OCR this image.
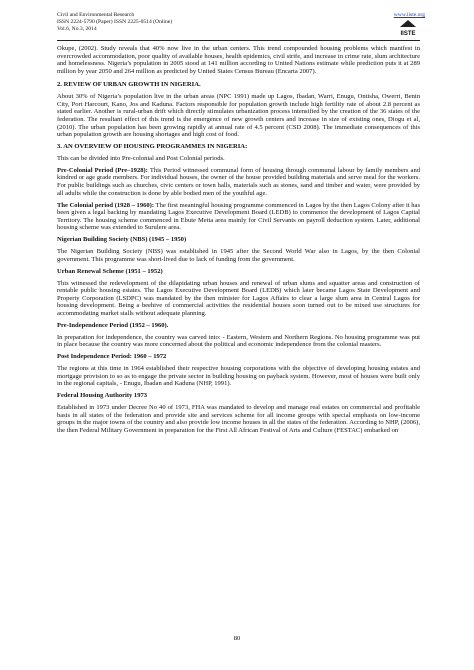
Civil and Environmental Research
ISSN 2224-5790 (Paper) ISSN 2225-0514 (Online)
Vol.6, No.3, 2014
www.iiste.org
IISTE

Okupe, (2002). Study reveals that 40% now live in the urban centers. This trend compounded housing problems which manifest in overcrowded accommodation, poor quality of available houses, health epidemics, civil strife, and increase in crime rate, slum architecture and homelessness. Nigeria’s population in 2005 stood at 141 million according to United Nations estimate while prediction puts it at 289 million by year 2050 and 264 million as predicted by United States Census Bureau (Encarta 2007).

2. REVIEW OF URBAN GROWTH IN NIGERIA.

About 30% of Nigeria’s population live in the urban areas (NPC 1991) made up Lagos, Ibadan, Warri, Enugu, Ontisha, Owerri, Benin City, Port Harcourt, Kano, Jos and Kaduna. Factors responsible for population growth include high fertility rate of about 2.8 percent as stated earlier. Another is rural-urban drift which directly stimulates urbanization process intensified by the creation of the 36 states of the federation. The resultant effect of this trend is the emergence of new growth centers and increase in size of existing ones, Diogu et al, (2010). The urban population has been growing rapidly at annual rate of 4.5 percent (CSD 2008). The immediate consequences of this urban population growth are housing shortages and high cost of food.

3. AN OVERVIEW OF HOUSING PROGRAMMES IN NIGERIA:

This can be divided into Pre-colonial and Post Colonial periods.

Pre-Colonial Period (Pre–1928): This Period witnessed communal form of housing through communal labour by family members and kindred or age grade members. For individual houses, the owner of the house provided building materials and serve meal for the workers. For public buildings such as churches, civic centers or town halls, materials such as stones, sand and timber and water, were provided by all adults while the construction is done by able bodied men of the youthful age.

The Colonial period (1928 – 1960): The first meaningful housing programme commenced in Lagos by the then Lagos Colony after it has been given a legal backing by mandating Lagos Executive Development Board (LEDB) to commence the development of Lagos Capital Territory. The housing scheme commenced in Ebute Metta area mainly for Civil Servants on payroll deduction system. Later, additional housing scheme was extended to Surulere area.

Nigerian Building Society (NBS) (1945 – 1950)

The Nigerian Building Society (NBS) was established in 1945 after the Second World War also in Lagos, by the then Colonial government. This programme was short-lived due to lack of funding from the government.

Urban Renewal Scheme (1951 – 1952)

This witnessed the redevelopment of the dilapidating urban houses and renewal of urban slums and squatter areas and construction of rentable public housing estates. The Lagos Executive Development Board (LEDB) which later became Lagos State Development and Property Corporation (LSDPC) was mandated by the then minister for Lagos Affairs to clear a large slum area in Central Lagos for housing development. Being a beehive of commercial activities the residential houses soon turned out to be mixed use structures for accommodating market stalls without adequate planning.

Pre-Independence Period (1952 – 1960).

In preparation for independence, the country was carved into: - Eastern, Western and Northern Regions. No housing programme was put in place because the country was more concerned about the political and economic independence from the colonial masters.

Post Independence Period: 1960 – 1972

The regions at this time in 1964 established their respective housing corporations with the objective of developing housing estates and mortgage provision to so as to engage the private sector in building housing on payback system. However, most of houses were built only in the regional capitals, - Enugu, Ibadan and Kaduna (NHP, 1991).

Federal Housing Authority 1973

Established in 1973 under Decree No 40 of 1973, FHA was mandated to develop and manage real estates on commercial and profitable basis in all states of the federation and provide site and services scheme for all income groups with special emphasis on low-income groups in the major towns of the country and also provide low income houses in all the states of the federation. According to NHP, (2006), the then Federal Military Government in preparation for the First All African Festival of Arts and Culture (FESTAC) embarked on

80
